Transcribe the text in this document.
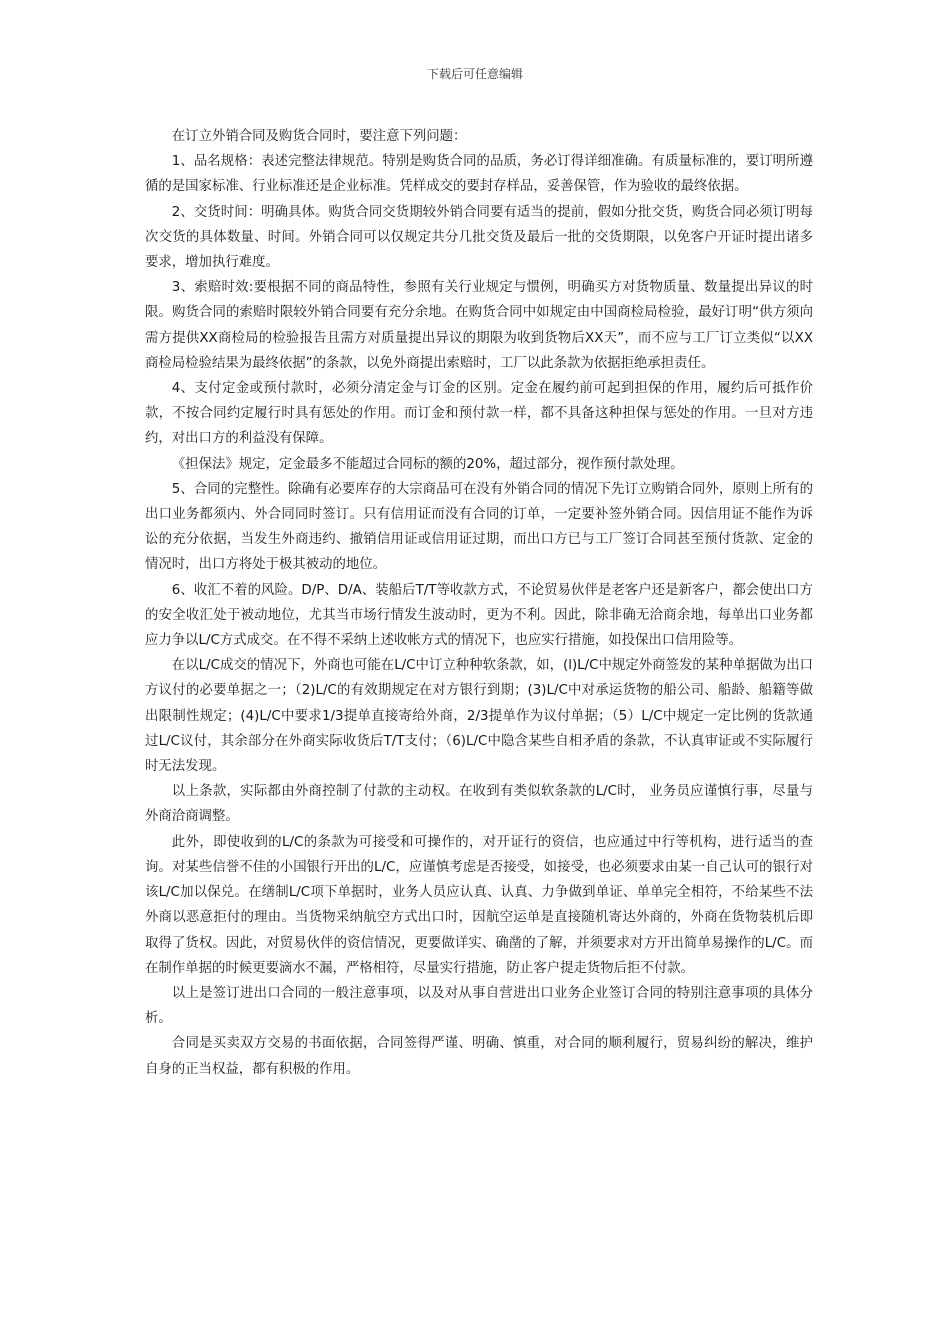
下载后可任意编辑

在订立外销合同及购货合同时，要注意下列问题：

1、品名规格：表述完整法律规范。特别是购货合同的品质，务必订得详细准确。有质量标准的，要订明所遵循的是国家标准、行业标准还是企业标准。凭样成交的要封存样品，妥善保管，作为验收的最终依据。

2、交货时间：明确具体。购货合同交货期较外销合同要有适当的提前，假如分批交货，购货合同必须订明每次交货的具体数量、时间。外销合同可以仅规定共分几批交货及最后一批的交货期限，以免客户开证时提出诸多要求，增加执行难度。

3、索赔时效:要根据不同的商品特性，参照有关行业规定与惯例，明确买方对货物质量、数量提出异议的时限。购货合同的索赔时限较外销合同要有充分余地。在购货合同中如规定由中国商检局检验，最好订明“供方须向需方提供XX商检局的检验报告且需方对质量提出异议的期限为收到货物后XX天”，而不应与工厂订立类似“以XX商检局检验结果为最终依据”的条款，以免外商提出索赔时，工厂以此条款为依据拒绝承担责任。

4、支付定金或预付款时，必须分清定金与订金的区别。定金在履约前可起到担保的作用，履约后可抵作价款，不按合同约定履行时具有惩处的作用。而订金和预付款一样，都不具备这种担保与惩处的作用。一旦对方违约，对出口方的利益没有保障。

《担保法》规定，定金最多不能超过合同标的额的20%，超过部分，视作预付款处理。

5、合同的完整性。除确有必要库存的大宗商品可在没有外销合同的情况下先订立购销合同外，原则上所有的出口业务都须内、外合同同时签订。只有信用证而没有合同的订单，一定要补签外销合同。因信用证不能作为诉讼的充分依据，当发生外商违约、撤销信用证或信用证过期，而出口方已与工厂签订合同甚至预付货款、定金的情况时，出口方将处于极其被动的地位。

6、收汇不着的风险。D/P、D/A、装船后T/T等收款方式，不论贸易伙伴是老客户还是新客户，都会使出口方的安全收汇处于被动地位，尤其当市场行情发生波动时，更为不利。因此，除非确无洽商余地，每单出口业务都应力争以L/C方式成交。在不得不采纳上述收帐方式的情况下，也应实行措施，如投保出口信用险等。

在以L/C成交的情况下，外商也可能在L/C中订立种种软条款，如，(l)L/C中规定外商签发的某种单据做为出口方议付的必要单据之一；（2)L/C的有效期规定在对方银行到期；(3)L/C中对承运货物的船公司、船龄、船籍等做出限制性规定；(4)L/C中要求1/3提单直接寄给外商，2/3提单作为议付单据；（5）L/C中规定一定比例的货款通过L/C议付，其余部分在外商实际收货后T/T支付；（6)L/C中隐含某些自相矛盾的条款，不认真审证或不实际履行时无法发现。

以上条款，实际都由外商控制了付款的主动权。在收到有类似软条款的L/C时， 业务员应谨慎行事，尽量与外商洽商调整。

此外，即使收到的L/C的条款为可接受和可操作的，对开证行的资信，也应通过中行等机构，进行适当的查询。对某些信誉不佳的小国银行开出的L/C，应谨慎考虑是否接受，如接受，也必须要求由某一自己认可的银行对该L/C加以保兑。在缮制L/C项下单据时，业务人员应认真、认真、力争做到单证、单单完全相符，不给某些不法外商以恶意拒付的理由。当货物采纳航空方式出口时，因航空运单是直接随机寄达外商的，外商在货物装机后即取得了货权。因此，对贸易伙伴的资信情况，更要做详实、确凿的了解，并须要求对方开出简单易操作的L/C。而在制作单据的时候更要滴水不漏，严格相符，尽量实行措施，防止客户提走货物后拒不付款。

以上是签订进出口合同的一般注意事项，以及对从事自营进出口业务企业签订合同的特别注意事项的具体分析。

合同是买卖双方交易的书面依据，合同签得严谨、明确、慎重，对合同的顺利履行，贸易纠纷的解决，维护自身的正当权益，都有积极的作用。
